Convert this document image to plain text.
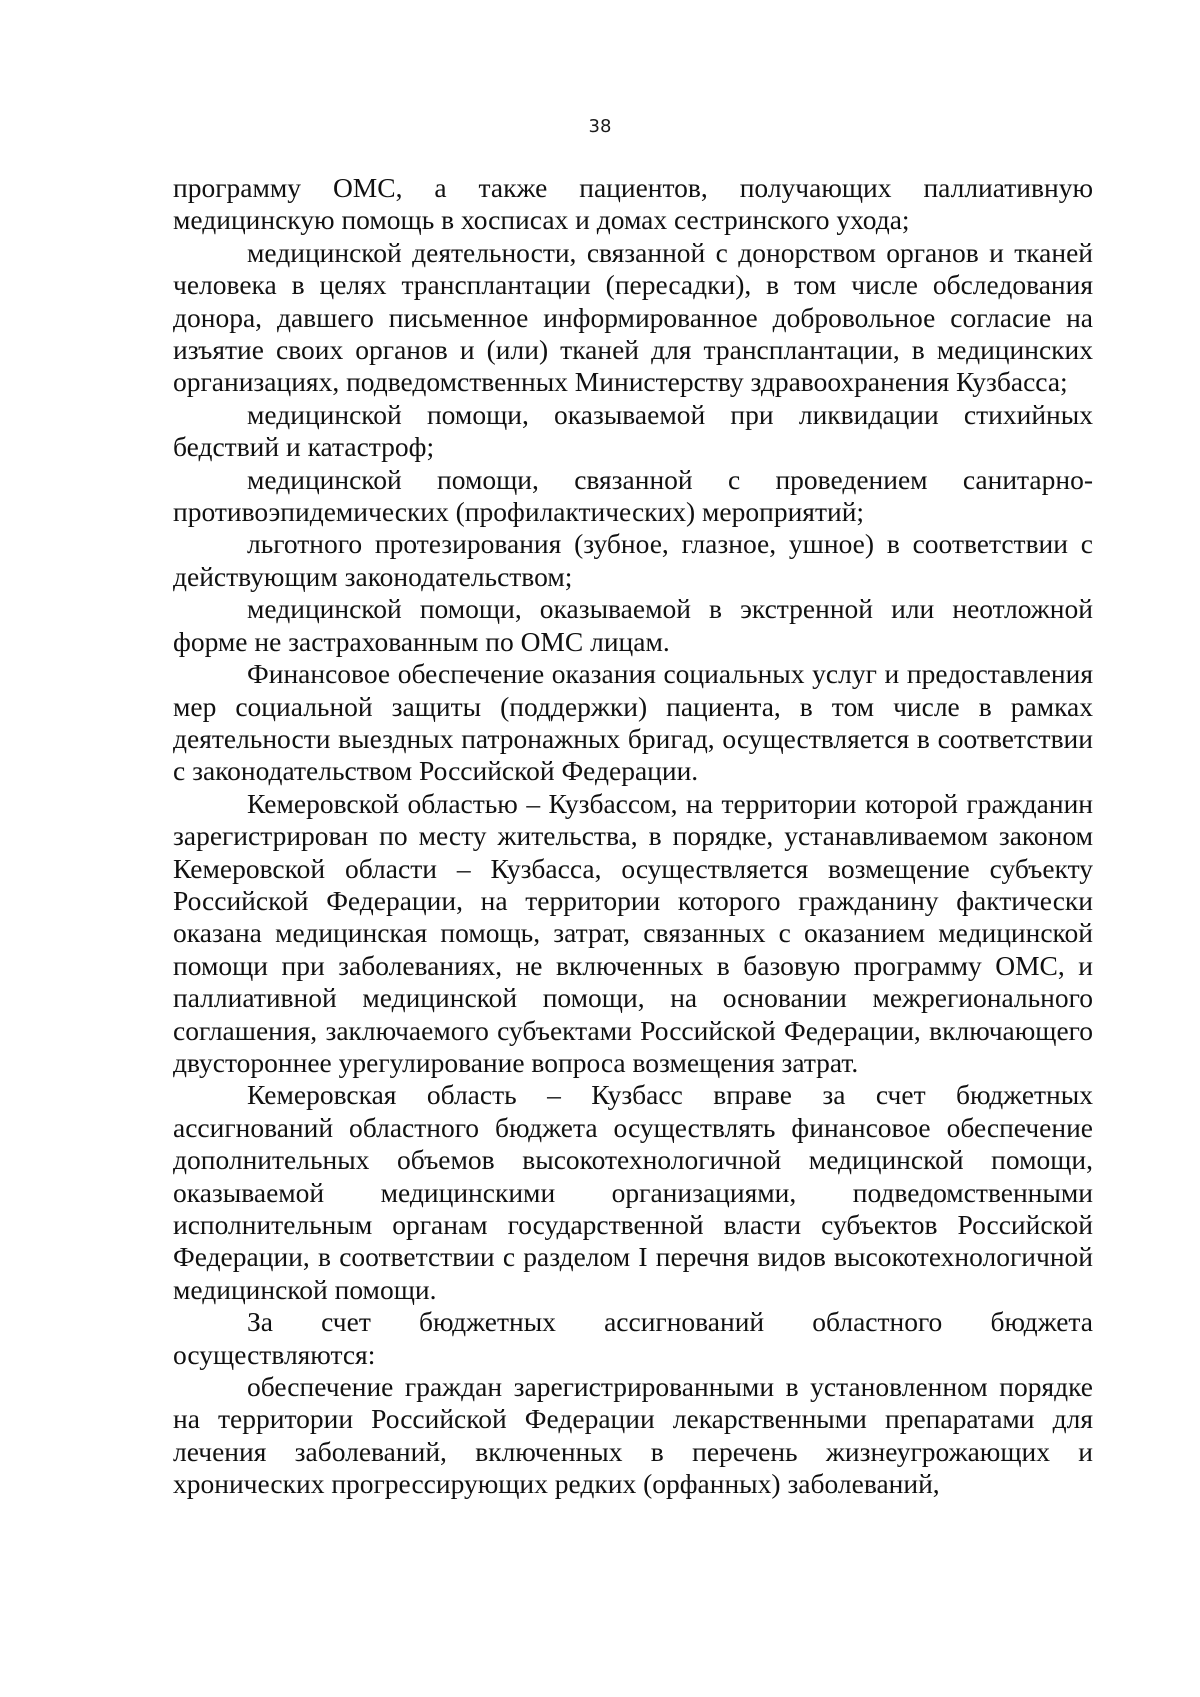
38

программу ОМС, а также пациентов, получающих паллиативную медицинскую помощь в хосписах и домах сестринского ухода;

медицинской деятельности, связанной с донорством органов и тканей человека в целях трансплантации (пересадки), в том числе обследования донора, давшего письменное информированное добровольное согласие на изъятие своих органов и (или) тканей для трансплантации, в медицинских организациях, подведомственных Министерству здравоохранения Кузбасса;

медицинской помощи, оказываемой при ликвидации стихийных бедствий и катастроф;

медицинской помощи, связанной с проведением санитарно-противоэпидемических (профилактических) мероприятий;

льготного протезирования (зубное, глазное, ушное) в соответствии с действующим законодательством;

медицинской помощи, оказываемой в экстренной или неотложной форме не застрахованным по ОМС лицам.

Финансовое обеспечение оказания социальных услуг и предоставления мер социальной защиты (поддержки) пациента, в том числе в рамках деятельности выездных патронажных бригад, осуществляется в соответствии с законодательством Российской Федерации.

Кемеровской областью – Кузбассом, на территории которой гражданин зарегистрирован по месту жительства, в порядке, устанавливаемом законом Кемеровской области – Кузбасса, осуществляется возмещение субъекту Российской Федерации, на территории которого гражданину фактически оказана медицинская помощь, затрат, связанных с оказанием медицинской помощи при заболеваниях, не включенных в базовую программу ОМС, и паллиативной медицинской помощи, на основании межрегионального соглашения, заключаемого субъектами Российской Федерации, включающего двустороннее урегулирование вопроса возмещения затрат.

Кемеровская область – Кузбасс вправе за счет бюджетных ассигнований областного бюджета осуществлять финансовое обеспечение дополнительных объемов высокотехнологичной медицинской помощи, оказываемой медицинскими организациями, подведомственными исполнительным органам государственной власти субъектов Российской Федерации, в соответствии с разделом I перечня видов высокотехнологичной медицинской помощи.

За счет бюджетных ассигнований областного бюджета осуществляются:

обеспечение граждан зарегистрированными в установленном порядке на территории Российской Федерации лекарственными препаратами для лечения заболеваний, включенных в перечень жизнеугрожающих и хронических прогрессирующих редких (орфанных) заболеваний,
